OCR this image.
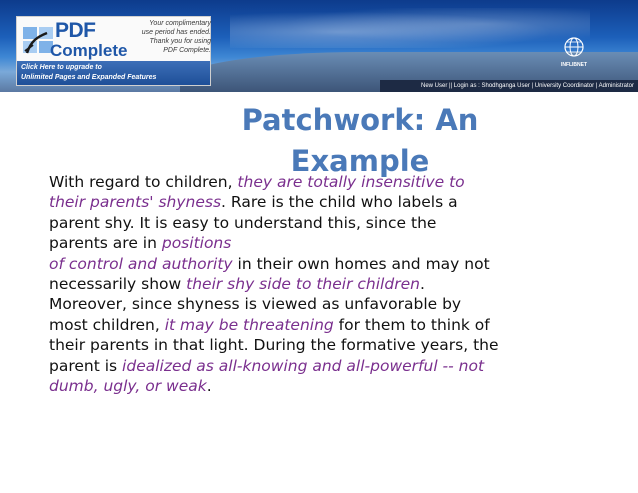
INFLIBNET
New User || Login as : Shodhganga User | University Coordinator | Administrator
PDF
Complete
Your complimentary
use period has ended.
Thank you for using
PDF Complete.
Click Here to upgrade to
Unlimited Pages and Expanded Features
Patchwork: An
Example
With regard to children, they are totally insensitive to
their parents' shyness. Rare is the child who labels a
parent shy. It is easy to understand this, since the
parents are in positions
of control and authority in their own homes and may not
necessarily show their shy side to their children.
Moreover, since shyness is viewed as unfavorable by
most children, it may be threatening for them to think of
their parents in that light. During the formative years, the
parent is idealized as all-knowing and all-powerful -- not
dumb, ugly, or weak.
